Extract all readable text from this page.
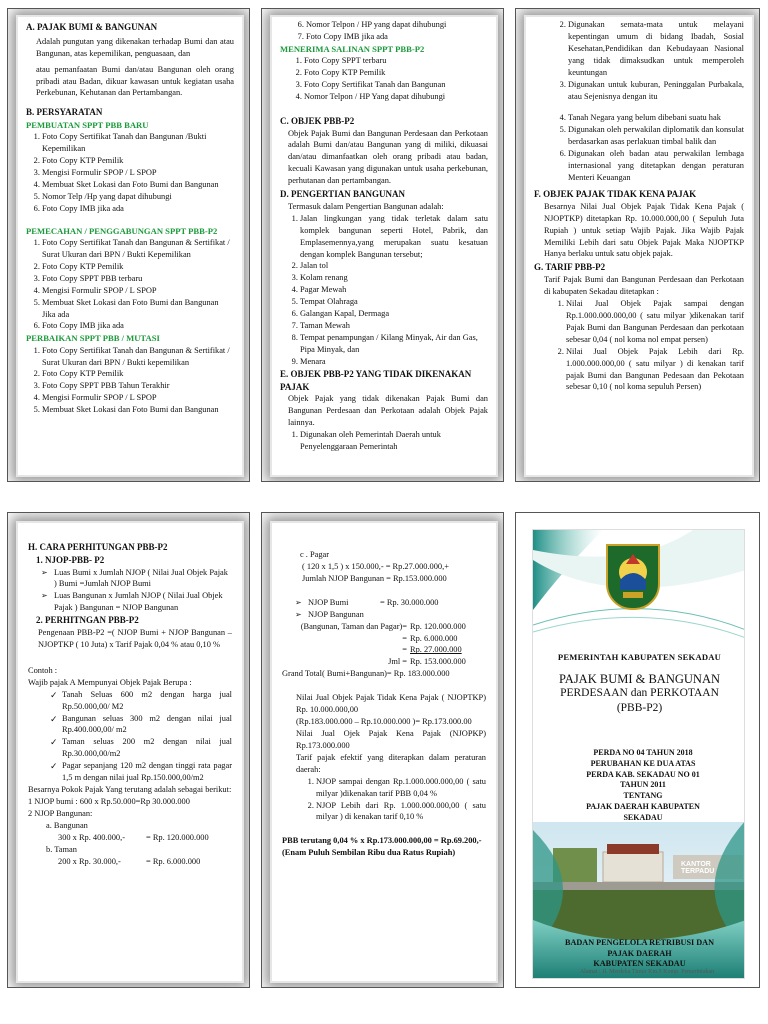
A. PAJAK BUMI & BANGUNAN
Adalah pungutan yang dikenakan terhadap Bumi dan atau Bangunan, atas kepemilikan, penguasaan, dan
atau pemanfaatan Bumi dan/atau Bangunan oleh orang pribadi atau Badan, dikuar kawasan untuk kegiatan usaha Perkebunan, Kehutanan dan Pertambangan.
B. PERSYARATAN
PEMBUATAN SPPT PBB BARU
1. Foto Copy Sertifikat Tanah dan Bangunan /Bukti Kepemilikan
2. Foto Copy KTP Pemilik
3. Mengisi Formulir SPOP / L SPOP
4. Membuat Sket Lokasi dan Foto Bumi dan Bangunan
5. Nomor Telp /Hp yang dapat dihubungi
6. Foto Copy IMB jika ada
PEMECAHAN / PENGGABUNGAN SPPT PBB-P2
1. Foto Copy Sertifikat Tanah dan Bangunan & Sertifikat / Surat Ukuran dari BPN / Bukti Kepemilikan
2. Foto Copy KTP Pemilik
3. Foto Copy SPPT PBB terbaru
4. Mengisi Formulir SPOP / L SPOP
5. Membuat Sket Lokasi dan Foto Bumi dan Bangunan Jika ada
6. Foto Copy IMB jika ada
PERBAIKAN SPPT PBB / MUTASI
1. Foto Copy Sertifikat Tanah dan Bangunan & Sertifikat / Surat Ukuran dari BPN / Bukti kepemilikan
2. Foto Copy KTP Pemilik
3. Foto Copy SPPT PBB Tahun Terakhir
4. Mengisi Formulir SPOP / L SPOP
5. Membuat Sket Lokasi dan Foto Bumi dan Bangunan
6. Nomor Telpon / HP yang dapat dihubungi
7. Foto Copy IMB jika ada
MENERIMA SALINAN SPPT PBB-P2
1. Foto Copy SPPT terbaru
2. Foto Copy KTP Pemilik
3. Foto Copy Sertifikat Tanah dan Bangunan
4. Nomor Telpon / HP Yang dapat dihubungi
C. OBJEK PBB-P2
Objek Pajak Bumi dan Bangunan Perdesaan dan Perkotaan adalah Bumi dan/atau Bangunan yang di miliki, dikuasai dan/atau dimanfaatkan oleh orang pribadi atau badan, kecuali Kawasan yang digunakan untuk usaha perkebunan, perhutanan dan pertambangan.
D. PENGERTIAN BANGUNAN
Termasuk dalam Pengertian Bangunan adalah:
1. Jalan lingkungan yang tidak terletak dalam satu komplek bangunan seperti Hotel, Pabrik, dan Emplasemennya,yang merupakan suatu kesatuan dengan komplek Bangunan tersebut;
2. Jalan tol
3. Kolam renang
4. Pagar Mewah
5. Tempat Olahraga
6. Galangan Kapal, Dermaga
7. Taman Mewah
8. Tempat penampungan / Kilang Minyak, Air dan Gas, Pipa Minyak, dan
9. Menara
E. OBJEK PBB-P2 YANG TIDAK DIKENAKAN PAJAK
Objek Pajak yang tidak dikenakan Pajak Bumi dan Bangunan Perdesaan dan Perkotaan adalah Objek Pajak lainnya.
1. Digunakan oleh Pemerintah Daerah untuk Penyelenggaraan Pemerintah
2. Digunakan semata-mata untuk melayani kepentingan umum di bidang Ibadah, Sosial Kesehatan,Pendidikan dan Kebudayaan Nasional yang tidak dimaksudkan untuk memperoleh keuntungan
3. Digunakan untuk kuburan, Peninggalan Purbakala, atau Sejenisnya dengan itu
4. Tanah Negara yang belum dibebani suatu hak
5. Digunakan oleh perwakilan diplomatik dan konsulat berdasarkan asas perlakuan timbal balik dan
6. Digunakan oleh badan atau perwakilan lembaga internasional yang ditetapkan dengan peraturan Menteri Keuangan
F. OBJEK PAJAK TIDAK KENA PAJAK
Besarnya Nilai Jual Objek Pajak Tidak Kena Pajak ( NJOPTKP) ditetapkan Rp. 10.000.000,00 ( Sepuluh Juta Rupiah ) untuk setiap Wajib Pajak. Jika Wajib Pajak Memiliki Lebih dari satu Objek Pajak Maka NJOPTKP Hanya berlaku untuk satu objek pajak.
G. TARIF PBB-P2
Tarif Pajak Bumi dan Bangunan Perdesaan dan Perkotaan di kabupaten Sekadau ditetapkan :
1. Nilai Jual Objek Pajak sampai dengan Rp.1.000.000.000,00 ( satu milyar )dikenakan tarif Pajak Bumi dan Bangunan Perdesaan dan perkotaan sebesar 0,04 ( nol koma nol empat persen)
2. Nilai Jual Objek Pajak Lebih dari Rp. 1.000.000.000,00 ( satu milyar ) di kenakan tarif pajak Bumi dan Bangunan Pedesaan dan Pekotaan sebesar 0,10 ( nol koma sepuluh Persen)
H. CARA PERHITUNGAN PBB-P2
1. NJOP-PBB- P2
➢ Luas Bumi x Jumlah NJOP ( Nilai Jual Objek Pajak ) Bumi =Jumlah NJOP Bumi
➢ Luas Bangunan x Jumlah NJOP ( Nilai Jual Objek Pajak ) Bangunan = NJOP Bangunan
2. PERHITNGAN PBB-P2
Pengenaan PBB-P2 =( NJOP Bumi + NJOP Bangunan – NJOPTKP ( 10 Juta) x Tarif Pajak 0,04 % atau 0,10 %
Contoh :
Wajib pajak A Mempunyai Objek Pajak Berupa :
✓ Tanah Seluas 600 m2 dengan harga jual Rp.50.000,00/ M2
✓ Bangunan seluas 300 m2 dengan nilai jual Rp.400.000,00/ m2
✓ Taman seluas 200 m2 dengan nilai jual Rp.30.000,00/m2
✓ Pagar sepanjang 120 m2 dengan tinggi rata pagar 1,5 m dengan nilai jual Rp.150.000,00/m2
Besarnya Pokok Pajak Yang terutang adalah sebagai berikut:
1 NJOP bumi : 600 x Rp.50.000=Rp 30.000.000
2 NJOP Bangunan:
a. Bangunan
300 x Rp. 400.000,-	= Rp. 120.000.000
b. Taman
200 x Rp. 30.000,-	= Rp. 6.000.000
c . Pagar
( 120 x 1,5 ) x 150.000,- = Rp.27.000.000,+
Jumlah NJOP Bangunan = Rp.153.000.000
➢ NJOP Bumi	= Rp. 30.000.000
➢ NJOP Bangunan
(Bangunan, Taman dan Pagar)= Rp. 120.000.000
= Rp. 6.000.000
= Rp. 27.000.000
Jml = Rp. 153.000.000
Grand Total( Bumi+Bangunan)= Rp. 183.000.000
Nilai Jual Objek Pajak Tidak Kena Pajak ( NJOPTKP) Rp. 10.000.000,00
(Rp.183.000.000 – Rp.10.000.000 )= Rp.173.000.00
Nilai Jual Ojek Pajak Kena Pajak (NJOPKP) Rp.173.000.000
Tarif pajak efektif yang diterapkan dalam peraturan daerah:
1. NJOP sampai dengan Rp.1.000.000.000,00 ( satu milyar )dikenakan tarif PBB 0,04 %
2. NJOP Lebih dari Rp. 1.000.000.000,00 ( satu milyar ) di kenakan tarif 0,10 %
PBB terutang 0,04 % x Rp.173.000.000,00 = Rp.69.200,-
(Enam Puluh Sembilan Ribu dua Ratus Rupiah)
PEMERINTAH KABUPATEN SEKADAU
PAJAK BUMI & BANGUNAN
PERDESAAN dan PERKOTAAN
(PBB-P2)
PERDA NO 04 TAHUN 2018
PERUBAHAN KE DUA ATAS
PERDA KAB. SEKADAU NO 01 TAHUN 2011
TENTANG
PAJAK DAERAH KABUPATEN SEKADAU
KANTOR TERPADU
BADAN PENGELOLA RETRIBUSI DAN
PAJAK DAERAH
KABUPATEN SEKADAU
Alamat : Jl. Merdeka Timur Km.9 Komp. Pemerintahan
